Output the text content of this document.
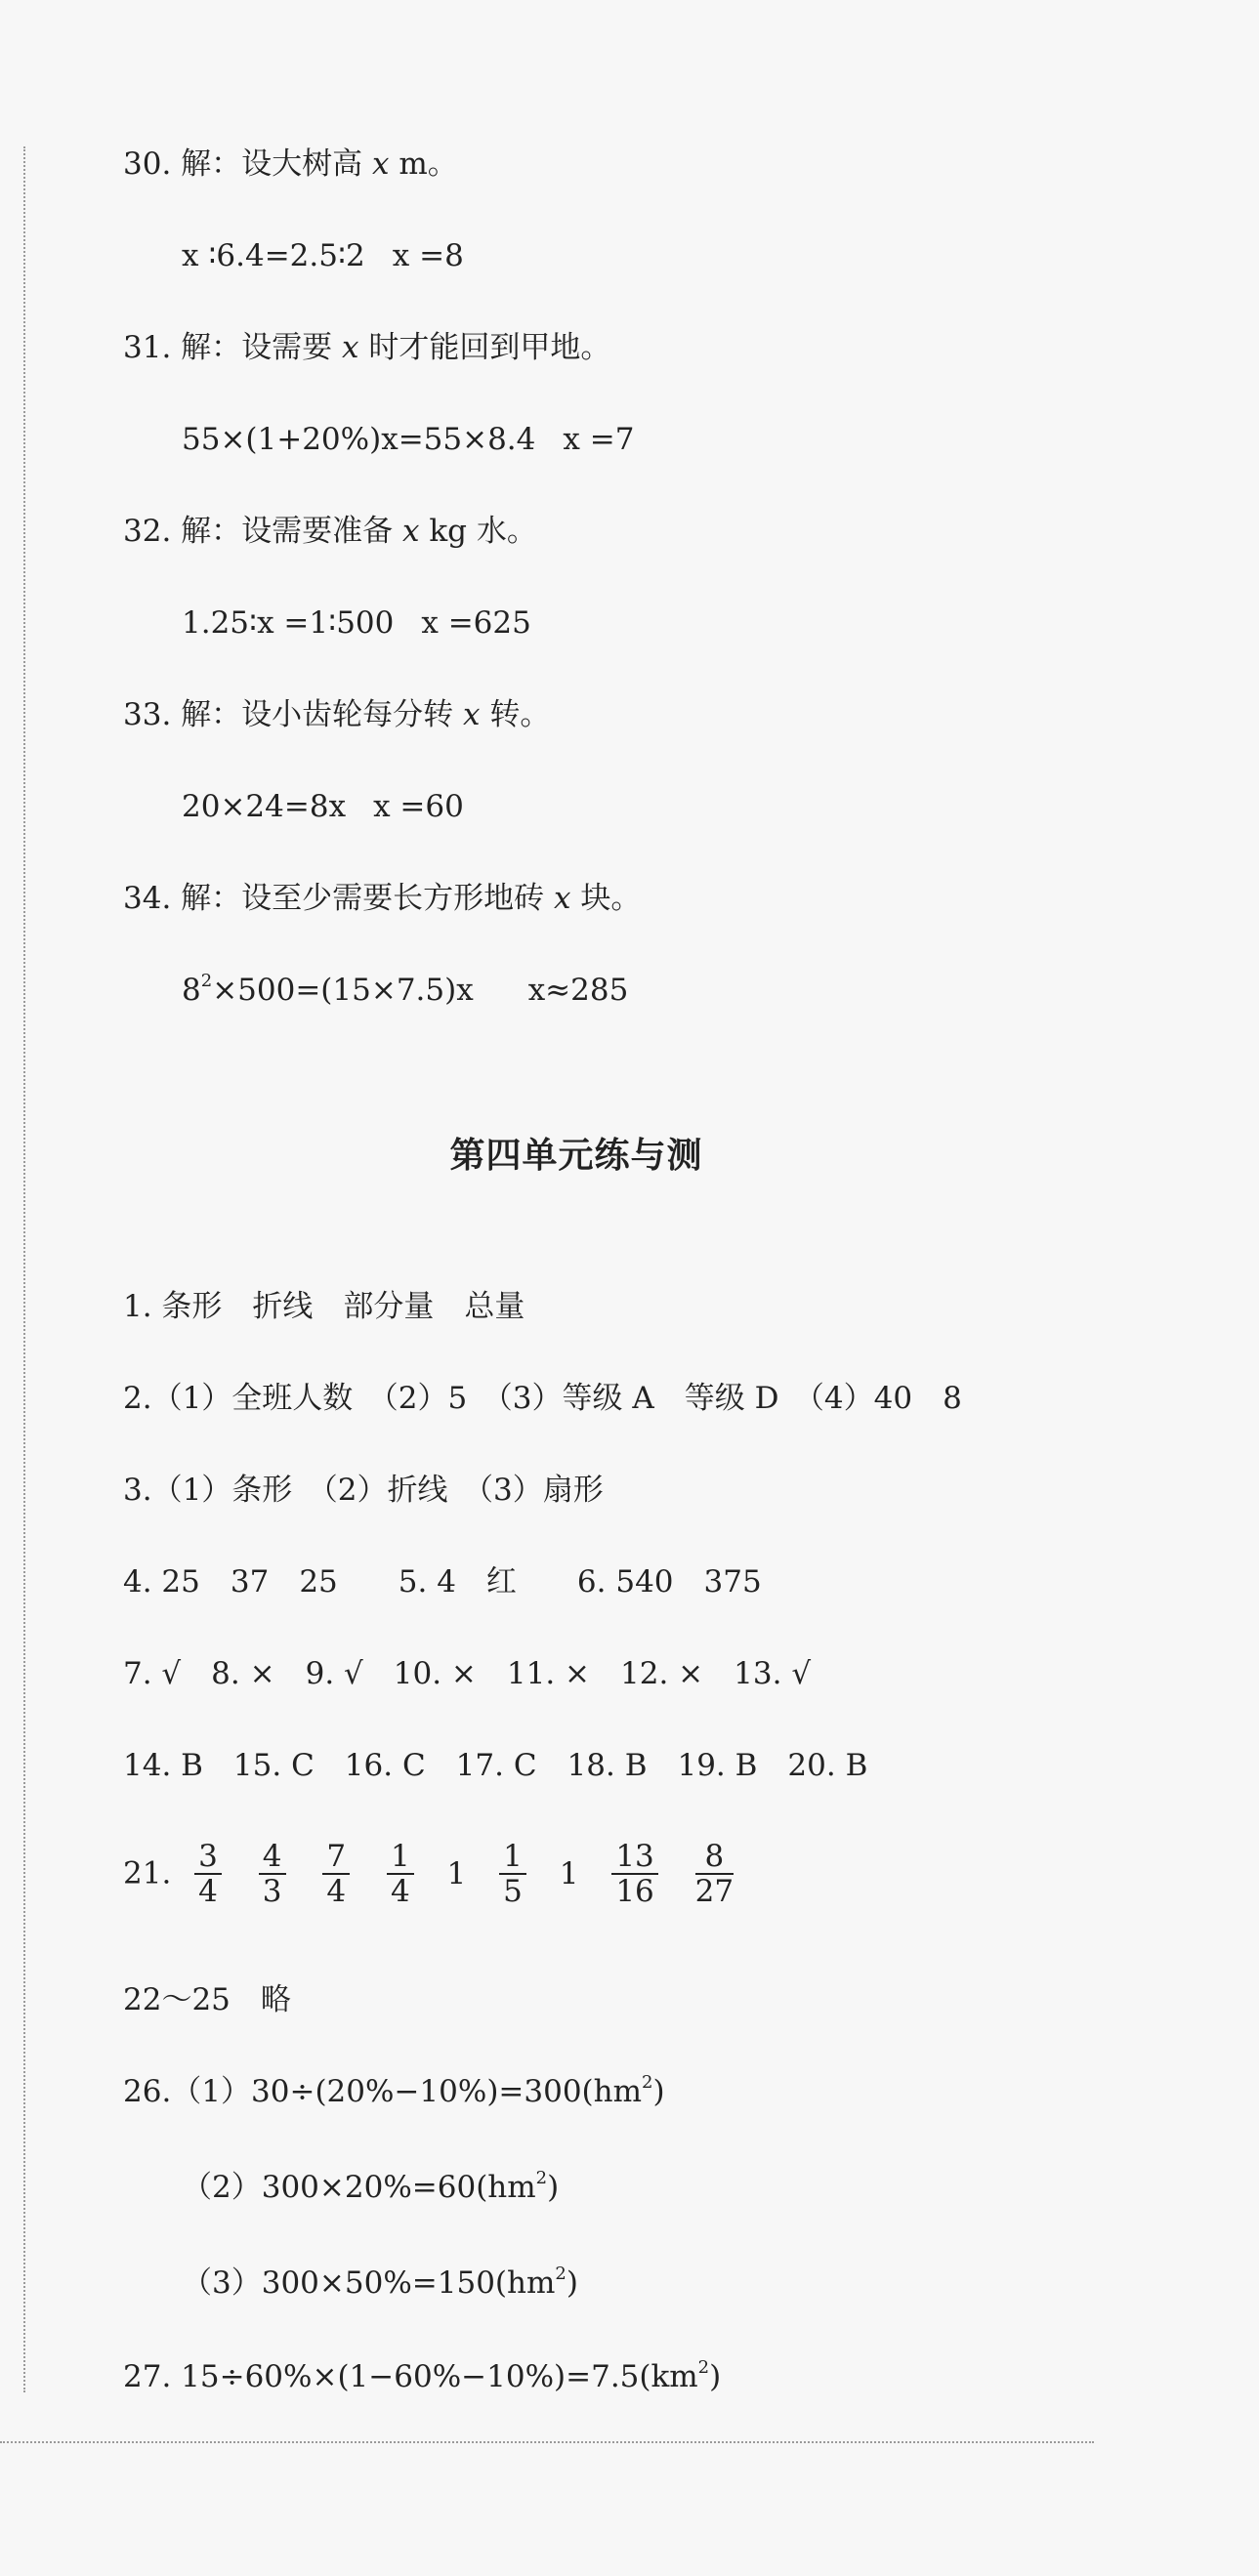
30. 解：设大树高 x m。
x ∶6.4=2.5∶2 x =8
31. 解：设需要 x 时才能回到甲地。
55×(1+20%)x=55×8.4 x =7
32. 解：设需要准备 x kg 水。
1.25∶x =1∶500 x =625
33. 解：设小齿轮每分转 x 转。
20×24=8x x =60
34. 解：设至少需要长方形地砖 x 块。
$8^2\times 500=(15\times 7.5)x$ x≈285
第四单元练与测
1. 条形　折线　部分量　总量
2.（1）全班人数　（2）5　（3）等级 A　等级 D　（4）40　8
3.（1）条形　（2）折线　（3）扇形
4. 25　37　25　　5. 4　红　　6. 540　375
7. √　8. ×　9. √　10. ×　11. ×　12. ×　13. √
14. B　15. C　16. C　17. C　18. B　19. B　20. B
21. $\frac{3}{4}$
$\frac{4}{3}$
$\frac{7}{4}$
$\frac{1}{4} 1 \frac{1}{5} 1 \frac{13}{16}$
$\frac{8}{27}$
22～25　略
$26.(1)30\div(20\%-10\%)=300(hm^2)$
$(2)300\times 20\%=60(hm^2)$
$(3)300\times 50\%=150(hm^2)$
27. $15\div 60\%\times(1-60\%-10\%)=7.5(km^2)$
